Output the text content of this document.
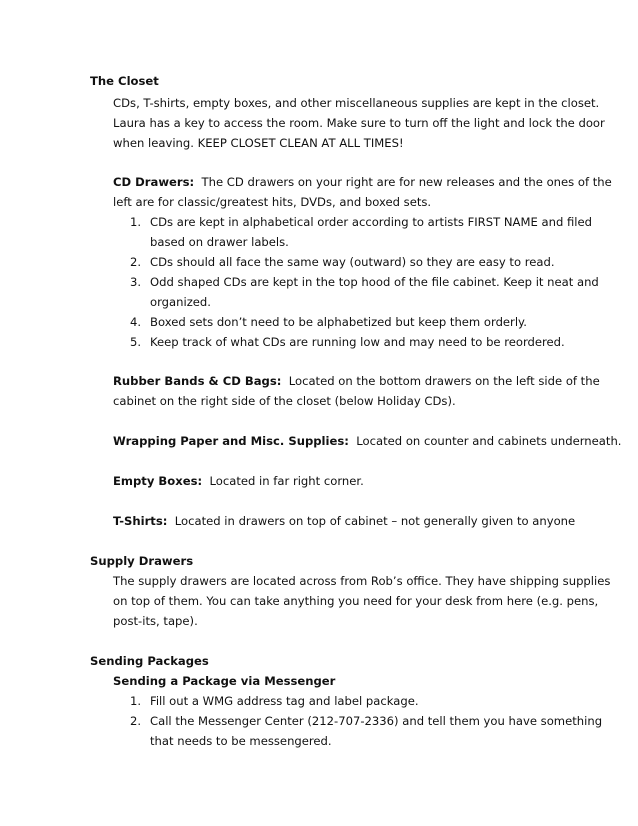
The Closet
CDs, T-shirts, empty boxes, and other miscellaneous supplies are kept in the closet.
Laura has a key to access the room. Make sure to turn off the light and lock the door
when leaving. KEEP CLOSET CLEAN AT ALL TIMES!
CD Drawers:  The CD drawers on your right are for new releases and the ones of the
left are for classic/greatest hits, DVDs, and boxed sets.
1. CDs are kept in alphabetical order according to artists FIRST NAME and filed
based on drawer labels.
2. CDs should all face the same way (outward) so they are easy to read.
3. Odd shaped CDs are kept in the top hood of the file cabinet. Keep it neat and
organized.
4. Boxed sets don’t need to be alphabetized but keep them orderly.
5. Keep track of what CDs are running low and may need to be reordered.
Rubber Bands & CD Bags:  Located on the bottom drawers on the left side of the
cabinet on the right side of the closet (below Holiday CDs).
Wrapping Paper and Misc. Supplies:  Located on counter and cabinets underneath.
Empty Boxes:  Located in far right corner.
T-Shirts:  Located in drawers on top of cabinet – not generally given to anyone
Supply Drawers
The supply drawers are located across from Rob’s office. They have shipping supplies
on top of them. You can take anything you need for your desk from here (e.g. pens,
post-its, tape).
Sending Packages
Sending a Package via Messenger
1. Fill out a WMG address tag and label package.
2. Call the Messenger Center (212-707-2336) and tell them you have something
that needs to be messengered.
